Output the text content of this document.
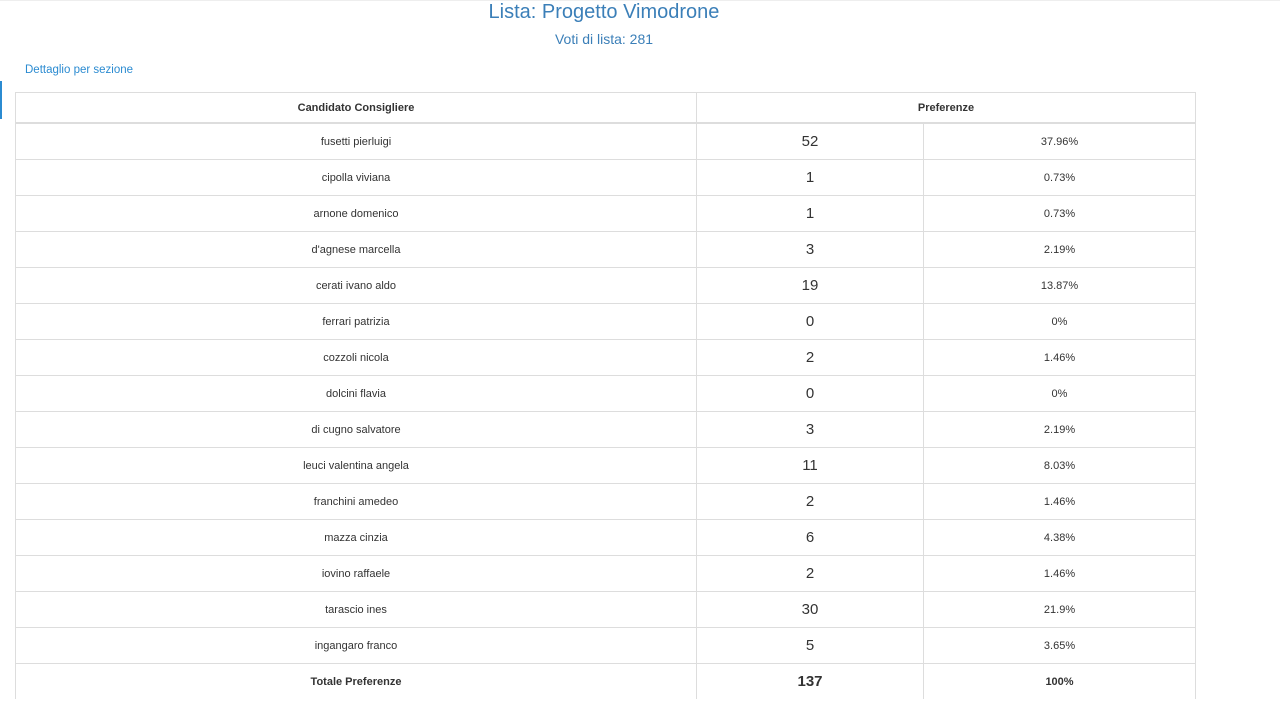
Lista: Progetto Vimodrone
Voti di lista: 281
Dettaglio per sezione
Candidato Consigliere	Preferenze	
fusetti pierluigi	52	37.96%
cipolla viviana	1	0.73%
arnone domenico	1	0.73%
d'agnese marcella	3	2.19%
cerati ivano aldo	19	13.87%
ferrari patrizia	0	0%
cozzoli nicola	2	1.46%
dolcini flavia	0	0%
di cugno salvatore	3	2.19%
leuci valentina angela	11	8.03%
franchini amedeo	2	1.46%
mazza cinzia	6	4.38%
iovino raffaele	2	1.46%
tarascio ines	30	21.9%
ingangaro franco	5	3.65%
Totale Preferenze	137	100%
